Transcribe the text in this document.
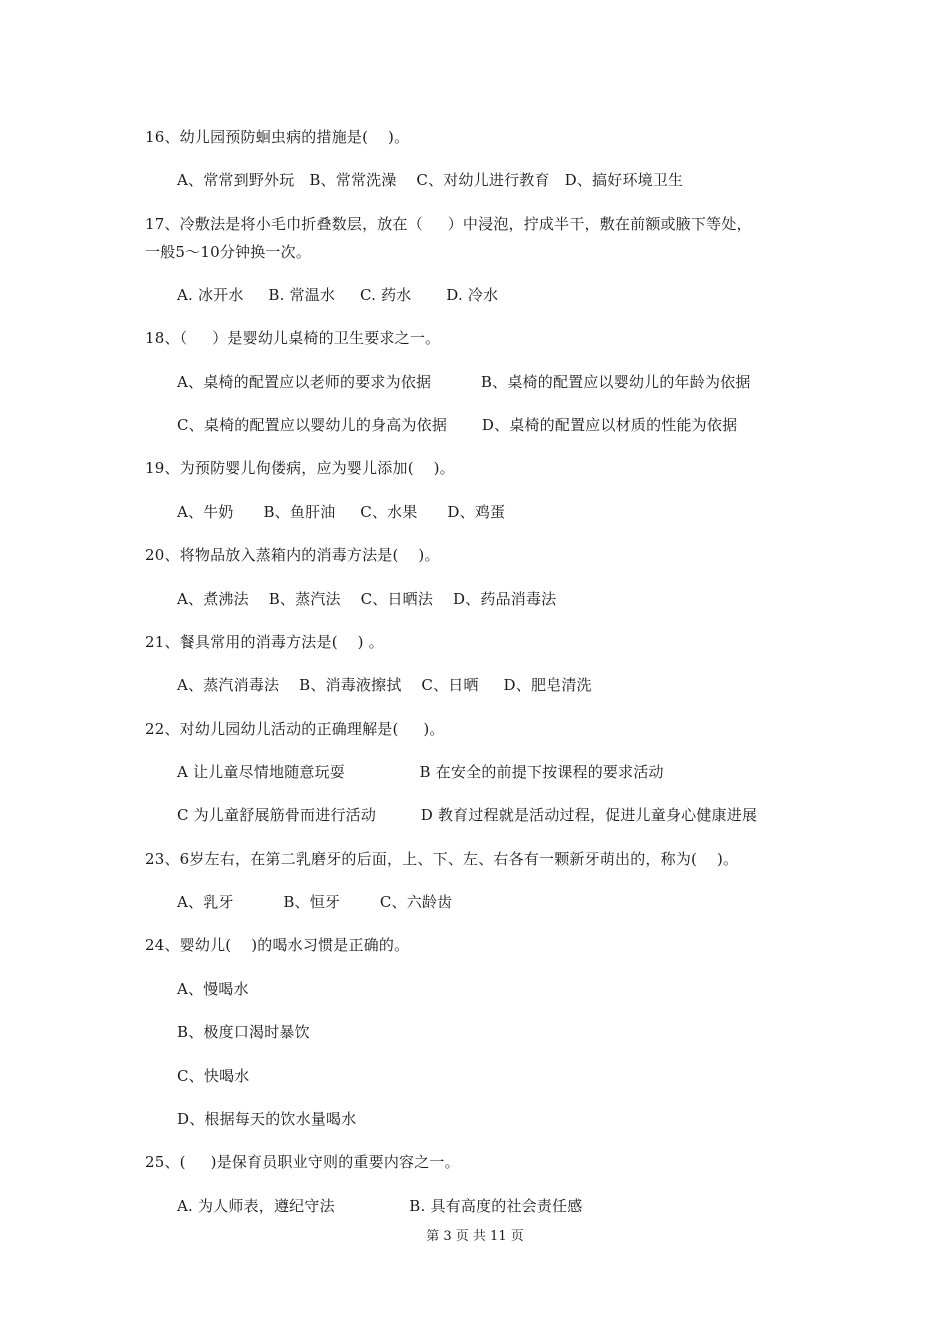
16、幼儿园预防蛔虫病的措施是(    )。
A、常常到野外玩   B、常常洗澡    C、对幼儿进行教育   D、搞好环境卫生
17、冷敷法是将小毛巾折叠数层，放在（     ）中浸泡，拧成半干，敷在前额或腋下等处，
一般5～10分钟换一次。
A. 冰开水     B. 常温水     C. 药水       D. 冷水
18、（     ）是婴幼儿桌椅的卫生要求之一。
A、桌椅的配置应以老师的要求为依据          B、桌椅的配置应以婴幼儿的年龄为依据
C、桌椅的配置应以婴幼儿的身高为依据       D、桌椅的配置应以材质的性能为依据
19、为预防婴儿佝偻病，应为婴儿添加(    )。
A、牛奶      B、鱼肝油     C、水果      D、鸡蛋
20、将物品放入蒸箱内的消毒方法是(    )。
A、煮沸法    B、蒸汽法    C、日晒法    D、药品消毒法
21、餐具常用的消毒方法是(    ) 。
A、蒸汽消毒法    B、消毒液擦拭    C、日晒     D、肥皂清洗
22、对幼儿园幼儿活动的正确理解是(     )。
A 让儿童尽情地随意玩耍               B 在安全的前提下按课程的要求活动
C 为儿童舒展筋骨而进行活动         D 教育过程就是活动过程，促进儿童身心健康进展
23、6岁左右，在第二乳磨牙的后面，上、下、左、右各有一颗新牙萌出的，称为(    )。
A、乳牙          B、恒牙        C、六龄齿
24、婴幼儿(    )的喝水习惯是正确的。
A、慢喝水
B、极度口渴时暴饮
C、快喝水
D、根据每天的饮水量喝水
25、(     )是保育员职业守则的重要内容之一。
A. 为人师表，遵纪守法               B. 具有高度的社会责任感
第 3 页 共 11 页
